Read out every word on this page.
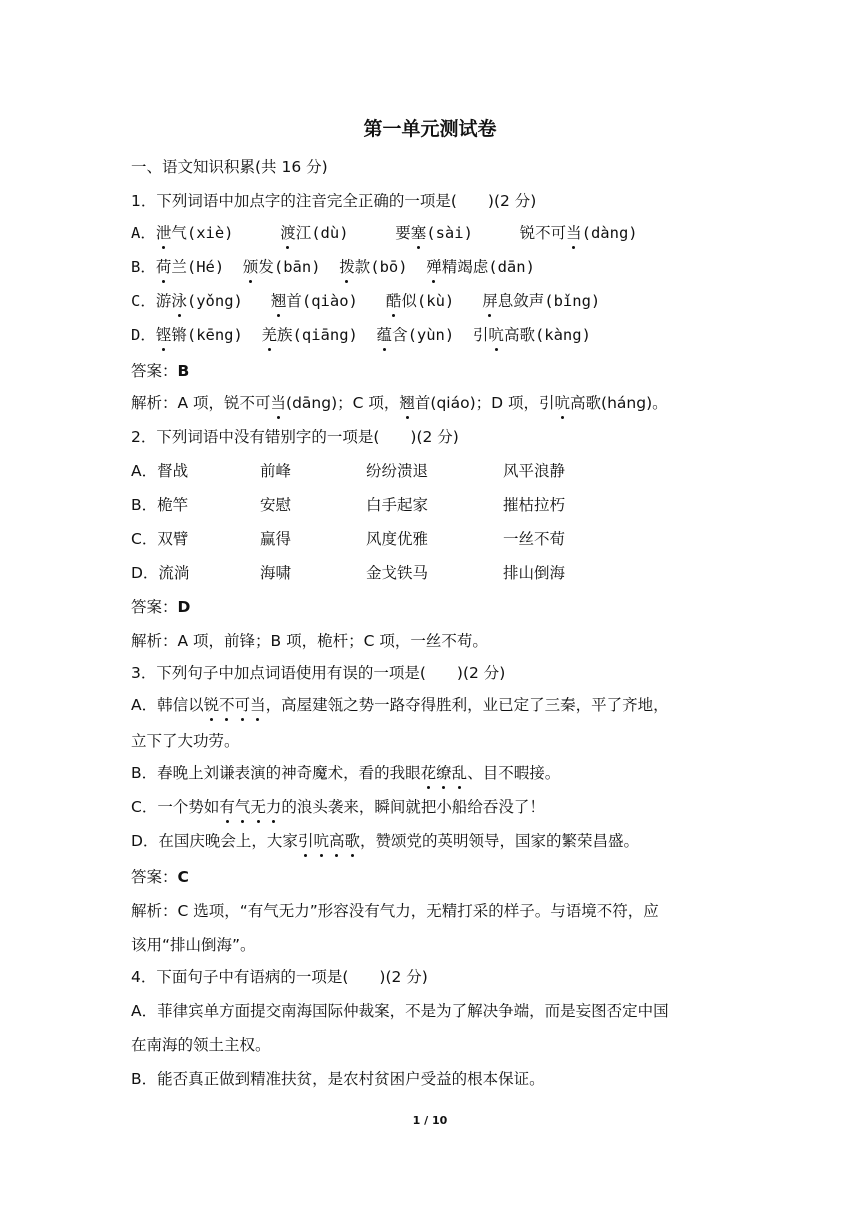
第一单元测试卷
一、语文知识积累(共 16 分)
1．下列词语中加点字的注音完全正确的一项是(　　)(2 分)
A．泄气(xiè)	渡江(dù)	要塞(sài)	锐不可当(dàng)
B．荷兰(Hé) 颁发(bān) 拨款(bō) 殚精竭虑(dān)
C．游泳(yǒng) 翘首(qiào) 酷似(kù) 屏息敛声(bǐng)
D．铿锵(kēng) 羌族(qiāng) 蕴含(yùn) 引吭高歌(kàng)
答案：B
解析：A 项，锐不可当(dāng)；C 项，翘首(qiáo)；D 项，引吭高歌(háng)。
2．下列词语中没有错别字的一项是(　　)(2 分)
A．督战	前峰	纷纷溃退	风平浪静
B．桅竿	安慰	白手起家	摧枯拉朽
C．双臂	赢得	风度优雅	一丝不荀
D．流淌	海啸	金戈铁马	排山倒海
答案：D
解析：A 项，前锋；B 项，桅杆；C 项，一丝不苟。
3．下列句子中加点词语使用有误的一项是(　　)(2 分)
A．韩信以锐不可当，高屋建瓴之势一路夺得胜利，业已定了三秦，平了齐地，
立下了大功劳。
B．春晚上刘谦表演的神奇魔术，看的我眼花缭乱、目不暇接。
C．一个势如有气无力的浪头袭来，瞬间就把小船给吞没了！
D．在国庆晚会上，大家引吭高歌，赞颂党的英明领导，国家的繁荣昌盛。
答案：C
解析：C 选项，“有气无力”形容没有气力，无精打采的样子。与语境不符，应
该用“排山倒海”。
4．下面句子中有语病的一项是(　　)(2 分)
A．菲律宾单方面提交南海国际仲裁案，不是为了解决争端，而是妄图否定中国
在南海的领土主权。
B．能否真正做到精准扶贫，是农村贫困户受益的根本保证。
1 / 10
